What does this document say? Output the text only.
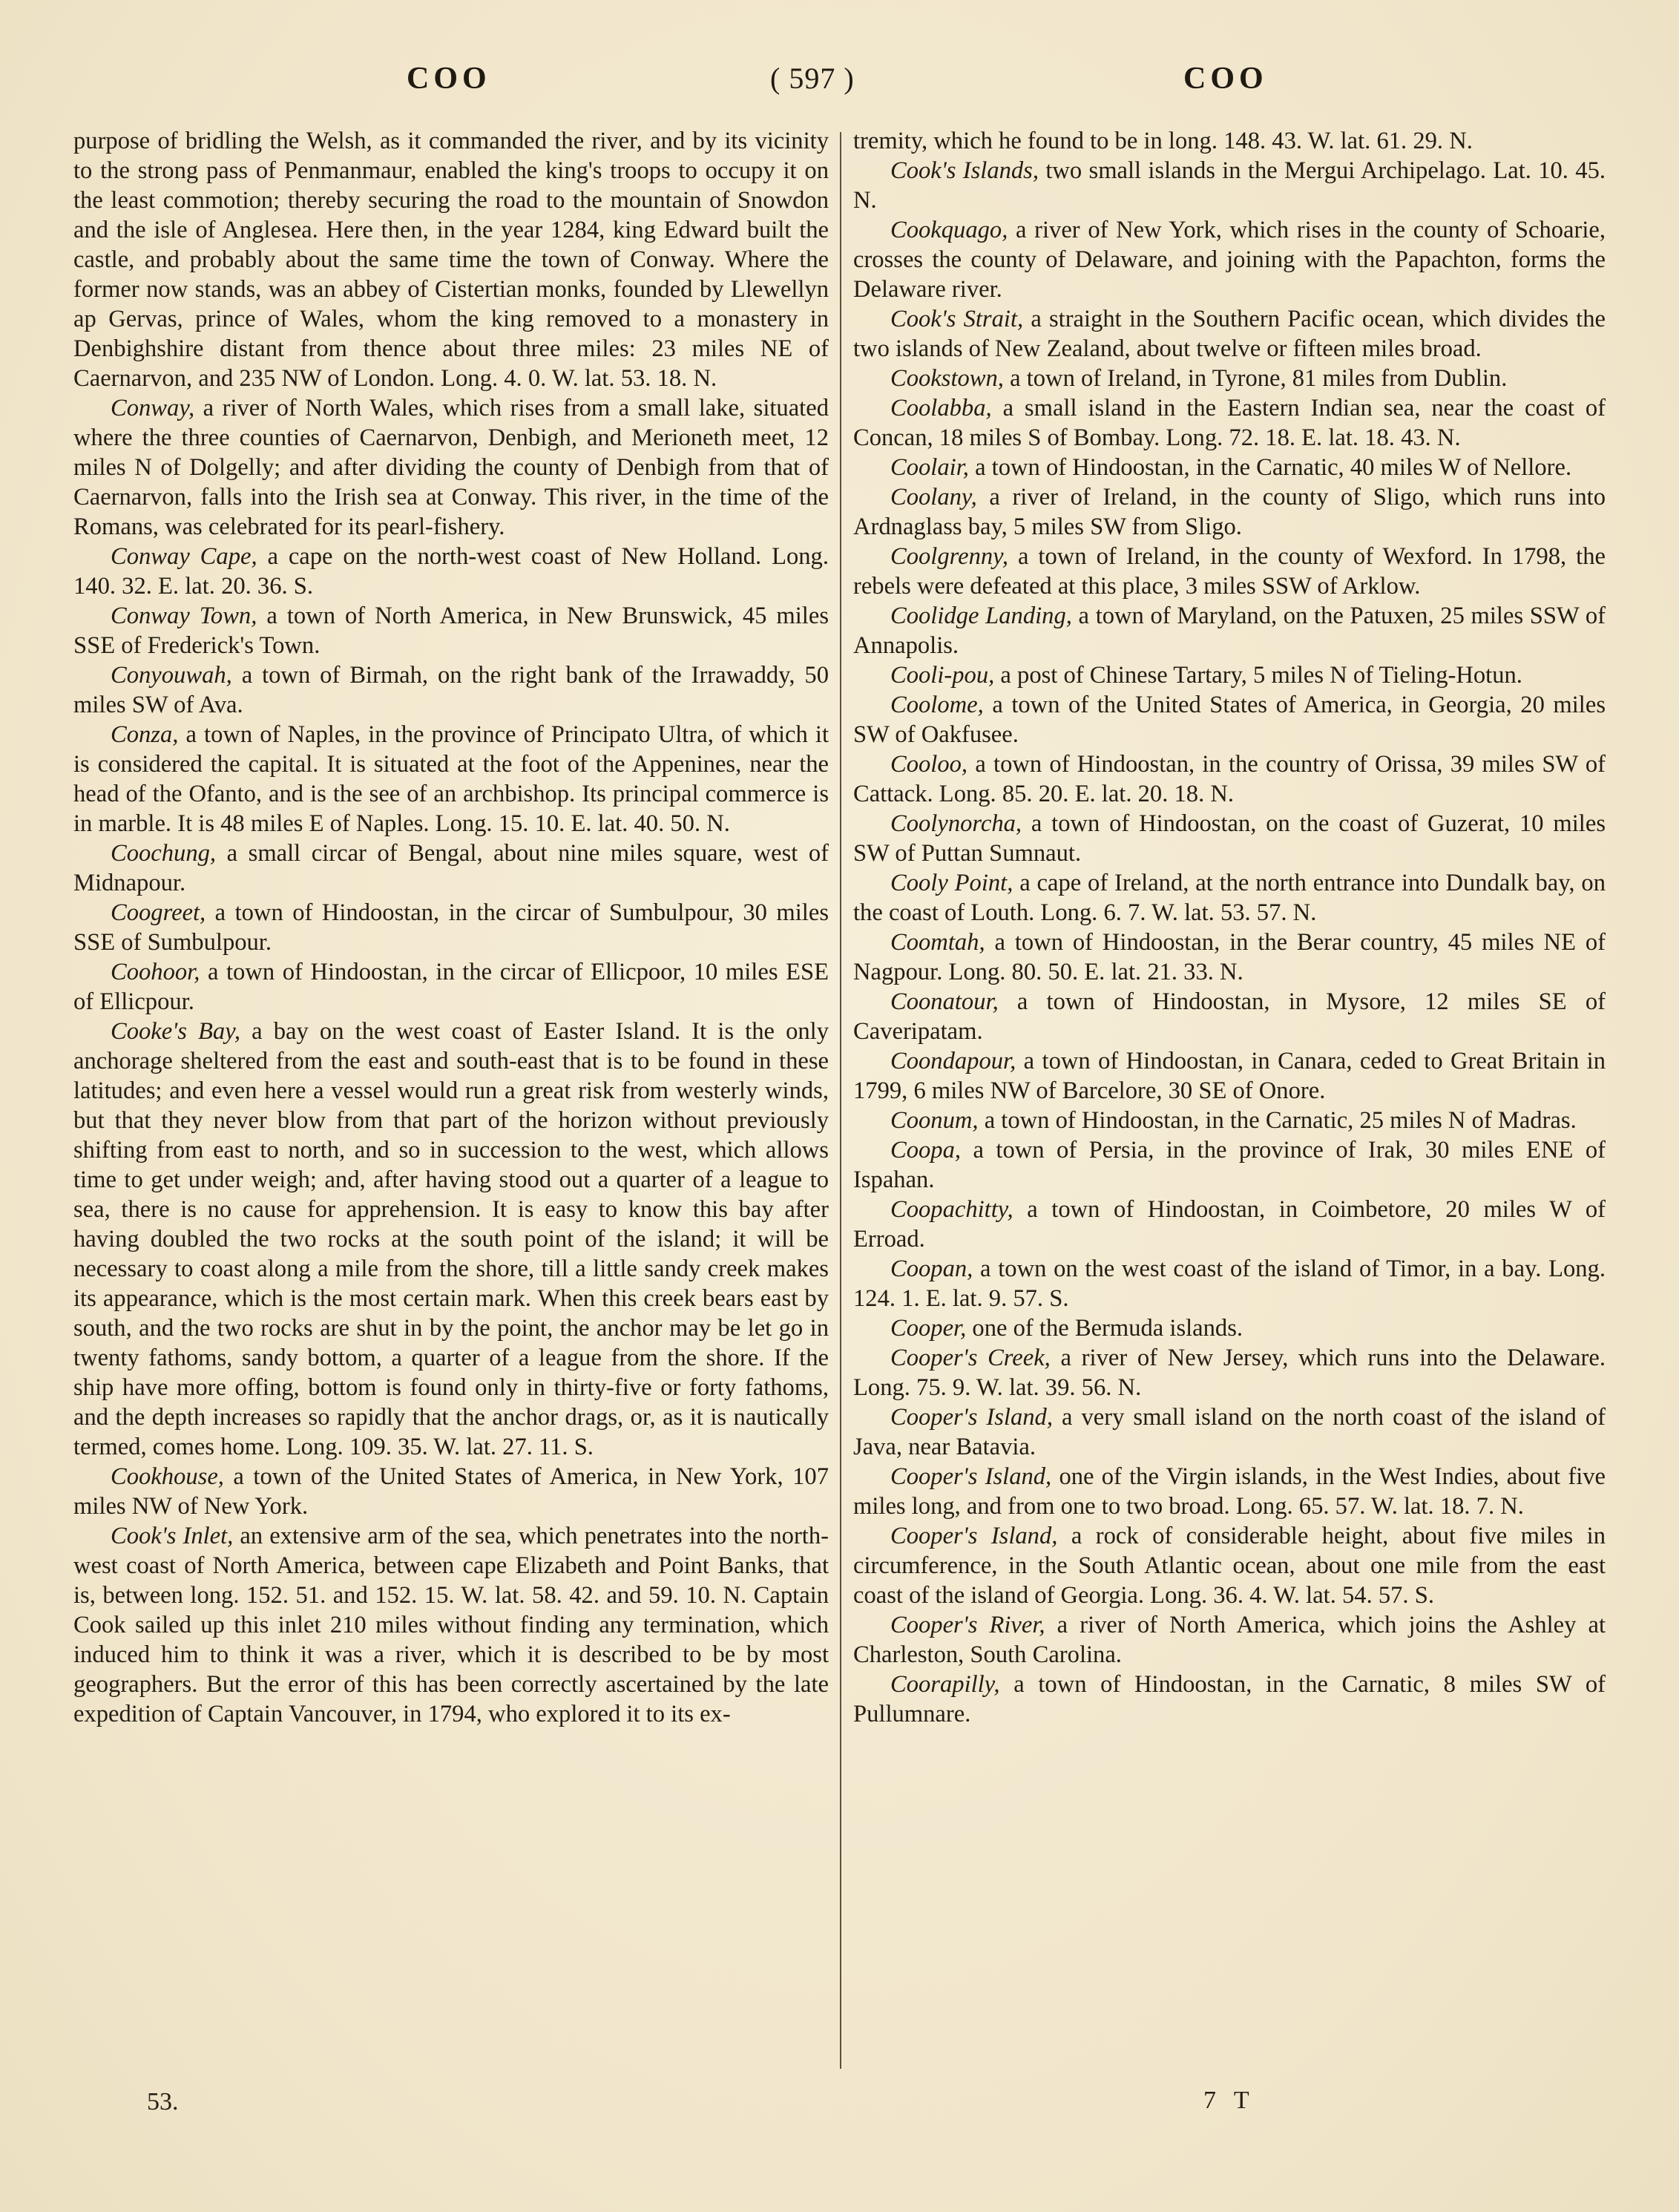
COO	( 597 )	COO

purpose of bridling the Welsh, as it commanded the river, and by its vicinity to the strong pass of Penmanmaur, enabled the king's troops to occupy it on the least commotion; thereby securing the road to the mountain of Snowdon and the isle of Anglesea. Here then, in the year 1284, king Edward built the castle, and probably about the same time the town of Conway. Where the former now stands, was an abbey of Cistertian monks, founded by Llewellyn ap Gervas, prince of Wales, whom the king removed to a monastery in Denbighshire distant from thence about three miles: 23 miles NE of Caernarvon, and 235 NW of London. Long. 4. 0. W. lat. 53. 18. N.

Conway, a river of North Wales, which rises from a small lake, situated where the three counties of Caernarvon, Denbigh, and Merioneth meet, 12 miles N of Dolgelly; and after dividing the county of Denbigh from that of Caernarvon, falls into the Irish sea at Conway. This river, in the time of the Romans, was celebrated for its pearl-fishery.

Conway Cape, a cape on the north-west coast of New Holland. Long. 140. 32. E. lat. 20. 36. S.

Conway Town, a town of North America, in New Brunswick, 45 miles SSE of Frederick's Town.

Conyouwah, a town of Birmah, on the right bank of the Irrawaddy, 50 miles SW of Ava.

Conza, a town of Naples, in the province of Principato Ultra, of which it is considered the capital. It is situated at the foot of the Appenines, near the head of the Ofanto, and is the see of an archbishop. Its principal commerce is in marble. It is 48 miles E of Naples. Long. 15. 10. E. lat. 40. 50. N.

Coochung, a small circar of Bengal, about nine miles square, west of Midnapour.

Coogreet, a town of Hindoostan, in the circar of Sumbulpour, 30 miles SSE of Sumbulpour.

Coohoor, a town of Hindoostan, in the circar of Ellicpoor, 10 miles ESE of Ellicpour.

Cooke's Bay, a bay on the west coast of Easter Island. It is the only anchorage sheltered from the east and south-east that is to be found in these latitudes; and even here a vessel would run a great risk from westerly winds, but that they never blow from that part of the horizon without previously shifting from east to north, and so in succession to the west, which allows time to get under weigh; and, after having stood out a quarter of a league to sea, there is no cause for apprehension. It is easy to know this bay after having doubled the two rocks at the south point of the island; it will be necessary to coast along a mile from the shore, till a little sandy creek makes its appearance, which is the most certain mark. When this creek bears east by south, and the two rocks are shut in by the point, the anchor may be let go in twenty fathoms, sandy bottom, a quarter of a league from the shore. If the ship have more offing, bottom is found only in thirty-five or forty fathoms, and the depth increases so rapidly that the anchor drags, or, as it is nautically termed, comes home. Long. 109. 35. W. lat. 27. 11. S.

Cookhouse, a town of the United States of America, in New York, 107 miles NW of New York.

Cook's Inlet, an extensive arm of the sea, which penetrates into the north-west coast of North America, between cape Elizabeth and Point Banks, that is, between long. 152. 51. and 152. 15. W. lat. 58. 42. and 59. 10. N. Captain Cook sailed up this inlet 210 miles without finding any termination, which induced him to think it was a river, which it is described to be by most geographers. But the error of this has been correctly ascertained by the late expedition of Captain Vancouver, in 1794, who explored it to its ex-

tremity, which he found to be in long. 148. 43. W. lat. 61. 29. N.

Cook's Islands, two small islands in the Mergui Archipelago. Lat. 10. 45. N.

Cookquago, a river of New York, which rises in the county of Schoarie, crosses the county of Delaware, and joining with the Papachton, forms the Delaware river.

Cook's Strait, a straight in the Southern Pacific ocean, which divides the two islands of New Zealand, about twelve or fifteen miles broad.

Cookstown, a town of Ireland, in Tyrone, 81 miles from Dublin.

Coolabba, a small island in the Eastern Indian sea, near the coast of Concan, 18 miles S of Bombay. Long. 72. 18. E. lat. 18. 43. N.

Coolair, a town of Hindoostan, in the Carnatic, 40 miles W of Nellore.

Coolany, a river of Ireland, in the county of Sligo, which runs into Ardnaglass bay, 5 miles SW from Sligo.

Coolgrenny, a town of Ireland, in the county of Wexford. In 1798, the rebels were defeated at this place, 3 miles SSW of Arklow.

Coolidge Landing, a town of Maryland, on the Patuxen, 25 miles SSW of Annapolis.

Cooli-pou, a post of Chinese Tartary, 5 miles N of Tieling-Hotun.

Coolome, a town of the United States of America, in Georgia, 20 miles SW of Oakfusee.

Cooloo, a town of Hindoostan, in the country of Orissa, 39 miles SW of Cattack. Long. 85. 20. E. lat. 20. 18. N.

Coolynorcha, a town of Hindoostan, on the coast of Guzerat, 10 miles SW of Puttan Sumnaut.

Cooly Point, a cape of Ireland, at the north entrance into Dundalk bay, on the coast of Louth. Long. 6. 7. W. lat. 53. 57. N.

Coomtah, a town of Hindoostan, in the Berar country, 45 miles NE of Nagpour. Long. 80. 50. E. lat. 21. 33. N.

Coonatour, a town of Hindoostan, in Mysore, 12 miles SE of Caveripatam.

Coondapour, a town of Hindoostan, in Canara, ceded to Great Britain in 1799, 6 miles NW of Barcelore, 30 SE of Onore.

Coonum, a town of Hindoostan, in the Carnatic, 25 miles N of Madras.

Coopa, a town of Persia, in the province of Irak, 30 miles ENE of Ispahan.

Coopachitty, a town of Hindoostan, in Coimbetore, 20 miles W of Erroad.

Coopan, a town on the west coast of the island of Timor, in a bay. Long. 124. 1. E. lat. 9. 57. S.

Cooper, one of the Bermuda islands.

Cooper's Creek, a river of New Jersey, which runs into the Delaware. Long. 75. 9. W. lat. 39. 56. N.

Cooper's Island, a very small island on the north coast of the island of Java, near Batavia.

Cooper's Island, one of the Virgin islands, in the West Indies, about five miles long, and from one to two broad. Long. 65. 57. W. lat. 18. 7. N.

Cooper's Island, a rock of considerable height, about five miles in circumference, in the South Atlantic ocean, about one mile from the east coast of the island of Georgia. Long. 36. 4. W. lat. 54. 57. S.

Cooper's River, a river of North America, which joins the Ashley at Charleston, South Carolina.

Coorapilly, a town of Hindoostan, in the Carnatic, 8 miles SW of Pullumnare.

53.	7 T
